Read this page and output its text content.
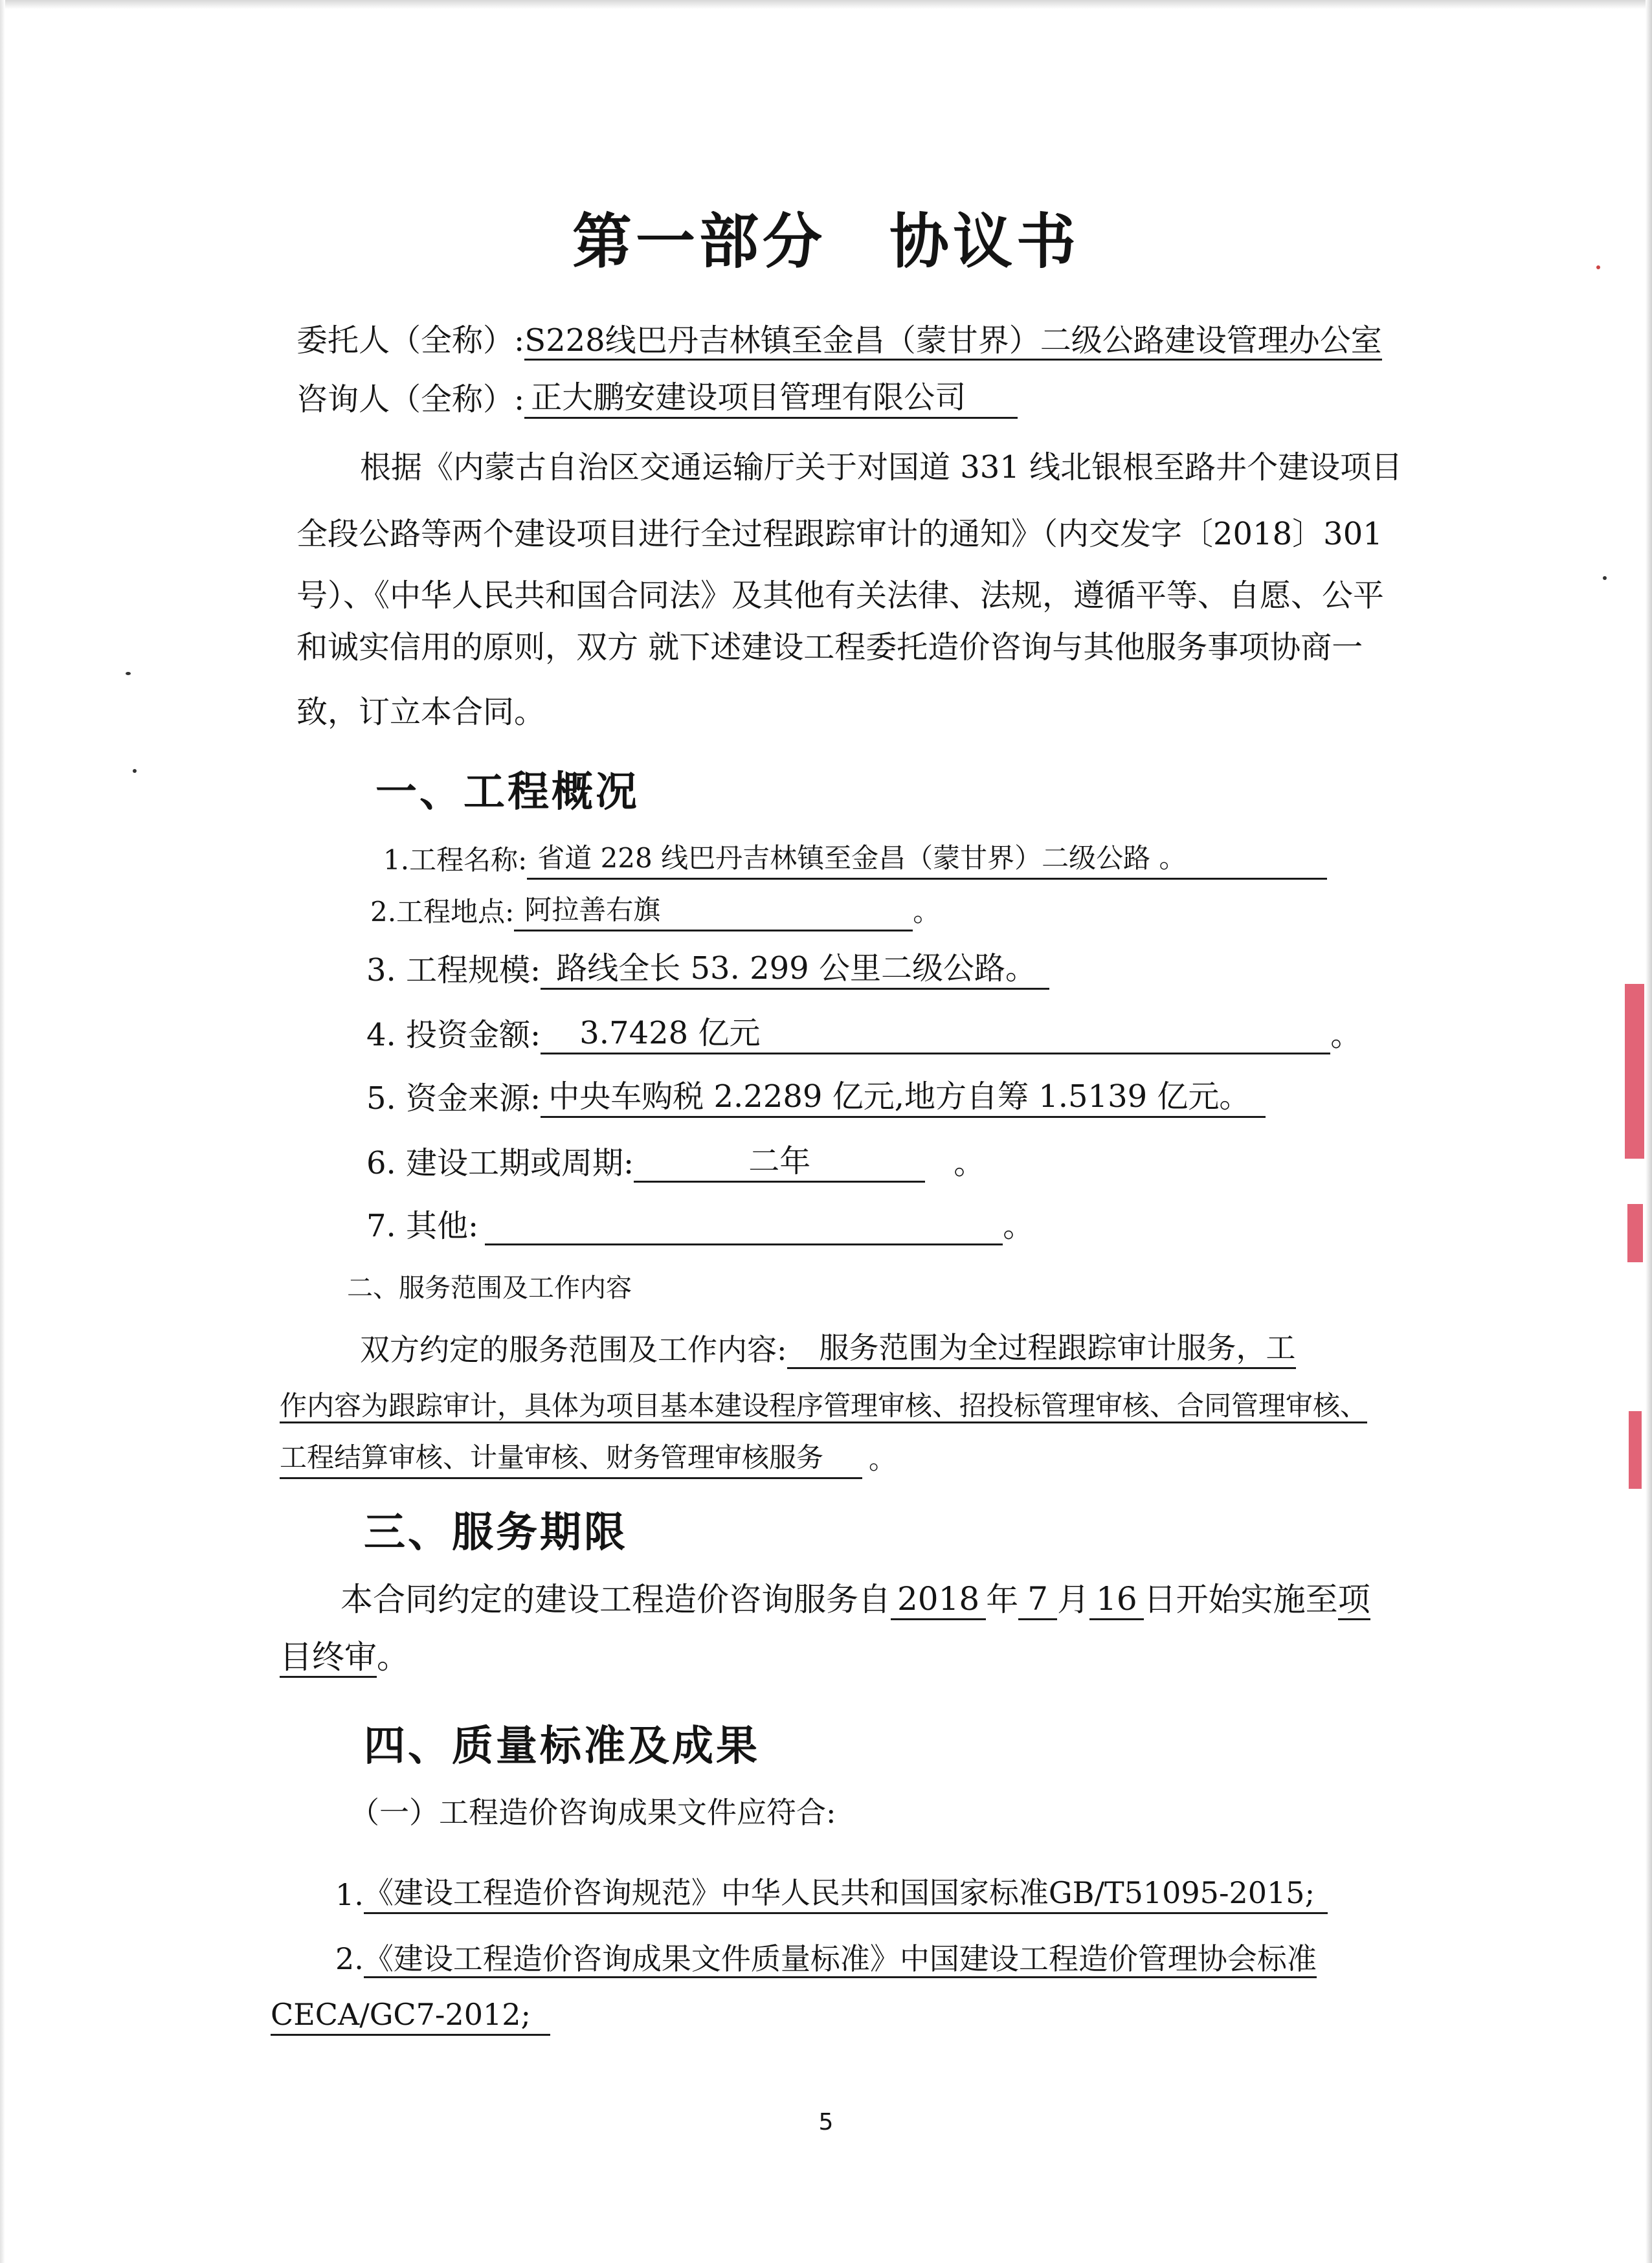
第一部分　协议书
委托人（全称）:S228线巴丹吉林镇至金昌（蒙甘界）二级公路建设管理办公室
咨询人（全称）: 正大鹏安建设项目管理有限公司
根据《内蒙古自治区交通运输厅关于对国道 331 线北银根至路井个建设项目
全段公路等两个建设项目进行全过程跟踪审计的通知》（内交发字〔2018〕301
号）、《中华人民共和国合同法》及其他有关法律、法规，遵循平等、自愿、公平
和诚实信用的原则，双方 就下述建设工程委托造价咨询与其他服务事项协商一
致，订立本合同。
一、工程概况
1.工程名称: 省道 228 线巴丹吉林镇至金昌（蒙甘界）二级公路 。
2.工程地点: 阿拉善右旗	。
3. 工程规模: 路线全长 53. 299 公里二级公路。
4. 投资金额: 3.7428 亿元	。
5. 资金来源: 中央车购税 2.2289 亿元,地方自筹 1.5139 亿元。
6. 建设工期或周期:	二年	。
7. 其他:	。
二、服务范围及工作内容
双方约定的服务范围及工作内容: 服务范围为全过程跟踪审计服务，工
作内容为跟踪审计，具体为项目基本建设程序管理审核、招投标管理审核、合同管理审核、
工程结算审核、计量审核、财务管理审核服务 。
三、服务期限
本合同约定的建设工程造价咨询服务自 2018 年 7 月 16 日开始实施至项
目终审。
四、质量标准及成果
（一）工程造价咨询成果文件应符合:
1.《建设工程造价咨询规范》中华人民共和国国家标准GB/T51095-2015;
2.《建设工程造价咨询成果文件质量标准》中国建设工程造价管理协会标准
CECA/GC7-2012;
5
